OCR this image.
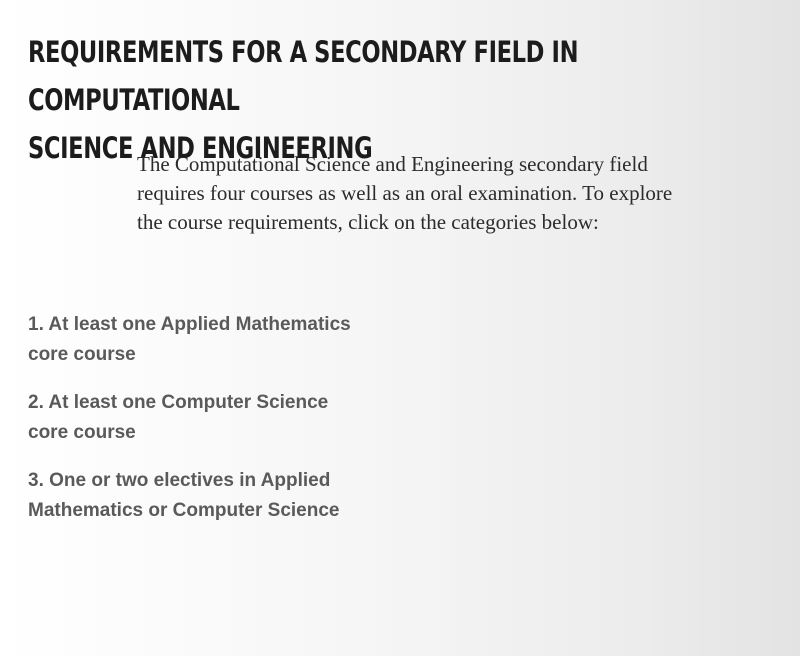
REQUIREMENTS FOR A SECONDARY FIELD IN COMPUTATIONAL
SCIENCE AND ENGINEERING

The Computational Science and Engineering secondary field
requires four courses as well as an oral examination. To explore
the course requirements, click on the categories below:

1. At least one Applied Mathematics
core course
2. At least one Computer Science
core course
3. One or two electives in Applied
Mathematics or Computer Science
